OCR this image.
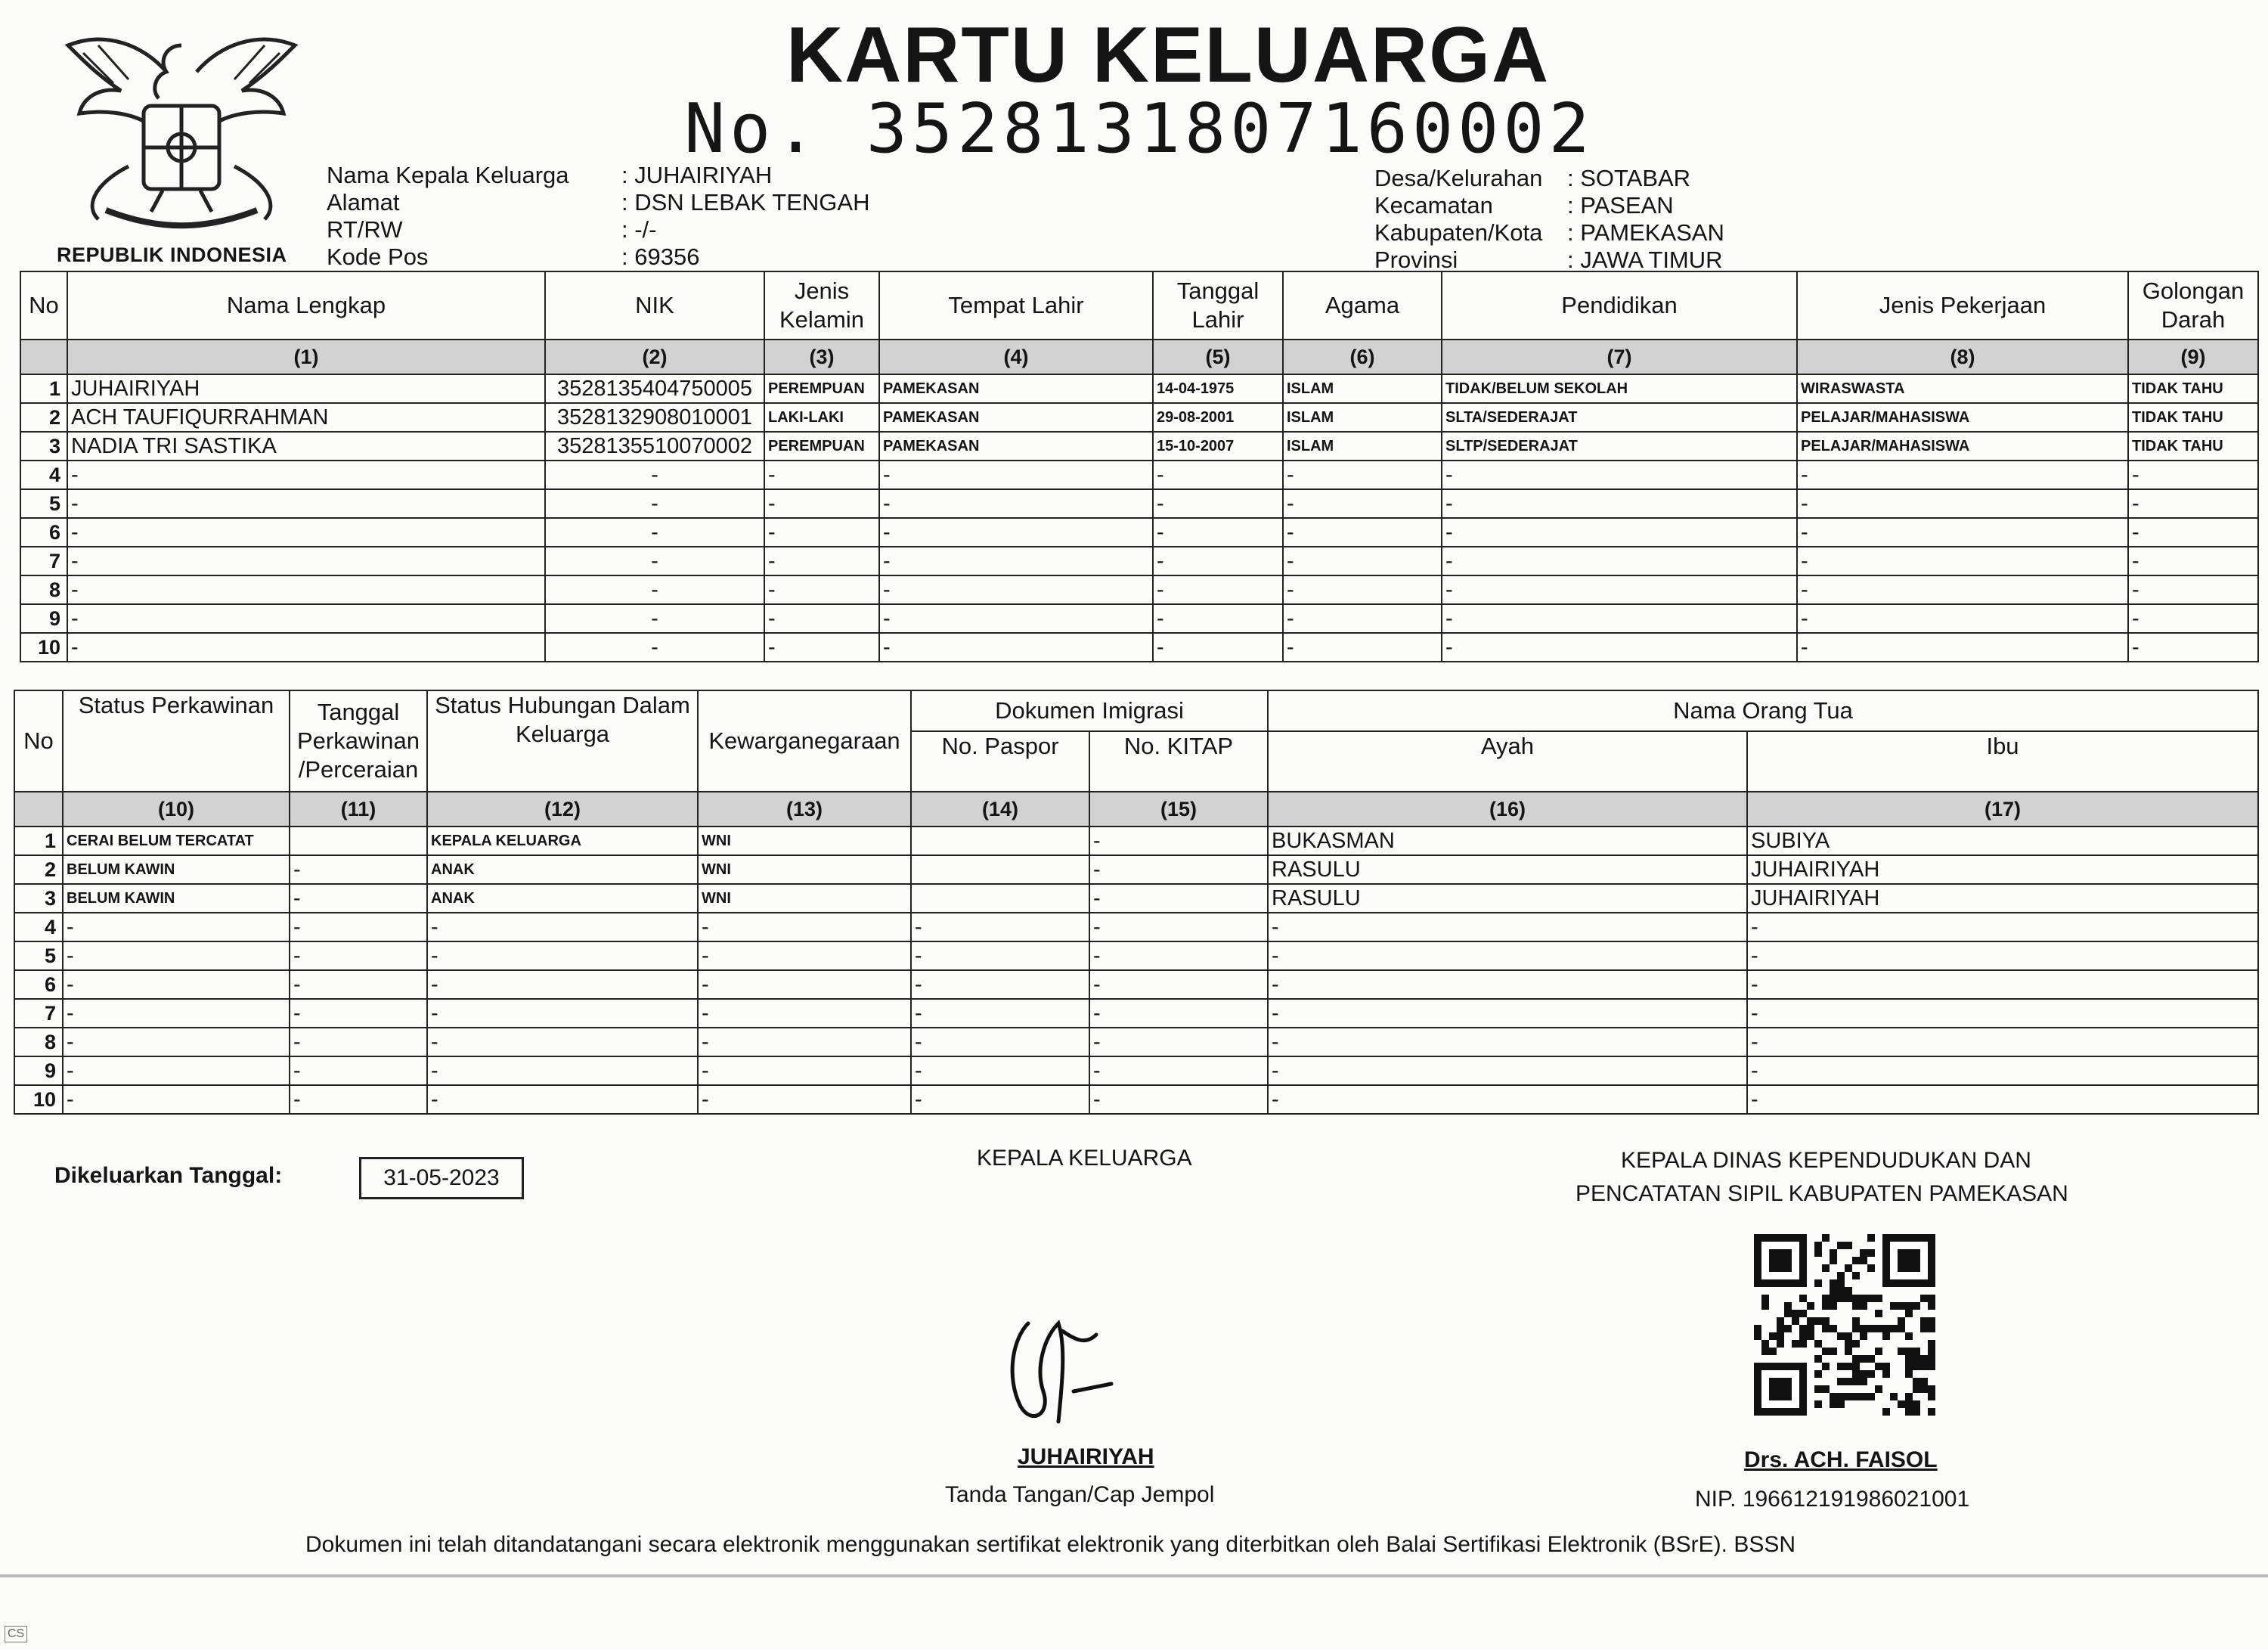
REPUBLIK INDONESIA
KARTU KELUARGA
No. 3528131807160002
Nama Kepala Keluarga	: JUHAIRIYAH
Alamat	: DSN LEBAK TENGAH
RT/RW	: -/-
Kode Pos	: 69356
Desa/Kelurahan	: SOTABAR
Kecamatan	: PASEAN
Kabupaten/Kota	: PAMEKASAN
Provinsi	: JAWA TIMUR
No	Nama Lengkap	NIK	Jenis Kelamin	Tempat Lahir	Tanggal Lahir	Agama	Pendidikan	Jenis Pekerjaan	Golongan Darah
	(1)	(2)	(3)	(4)	(5)	(6)	(7)	(8)	(9)
1	JUHAIRIYAH	3528135404750005	PEREMPUAN	PAMEKASAN	14-04-1975	ISLAM	TIDAK/BELUM SEKOLAH	WIRASWASTA	TIDAK TAHU
2	ACH TAUFIQURRAHMAN	3528132908010001	LAKI-LAKI	PAMEKASAN	29-08-2001	ISLAM	SLTA/SEDERAJAT	PELAJAR/MAHASISWA	TIDAK TAHU
3	NADIA TRI SASTIKA	3528135510070002	PEREMPUAN	PAMEKASAN	15-10-2007	ISLAM	SLTP/SEDERAJAT	PELAJAR/MAHASISWA	TIDAK TAHU
4	-	-	-	-	-	-	-	-	-
5	-	-	-	-	-	-	-	-	-
6	-	-	-	-	-	-	-	-	-
7	-	-	-	-	-	-	-	-	-
8	-	-	-	-	-	-	-	-	-
9	-	-	-	-	-	-	-	-	-
10	-	-	-	-	-	-	-	-	-
No	Status Perkawinan	Tanggal Perkawinan /Perceraian	Status Hubungan Dalam Keluarga	Kewarganegaraan	Dokumen Imigrasi		Nama Orang Tua	
					No. Paspor	No. KITAP	Ayah	Ibu
	(10)	(11)	(12)	(13)	(14)	(15)	(16)	(17)
1	CERAI BELUM TERCATAT		KEPALA KELUARGA	WNI		-	BUKASMAN	SUBIYA
2	BELUM KAWIN	-	ANAK	WNI		-	RASULU	JUHAIRIYAH
3	BELUM KAWIN	-	ANAK	WNI		-	RASULU	JUHAIRIYAH
4	-	-	-	-	-	-	-	-
5	-	-	-	-	-	-	-	-
6	-	-	-	-	-	-	-	-
7	-	-	-	-	-	-	-	-
8	-	-	-	-	-	-	-	-
9	-	-	-	-	-	-	-	-
10	-	-	-	-	-	-	-	-
Dikeluarkan Tanggal:	31-05-2023
KEPALA KELUARGA
JUHAIRIYAH
Tanda Tangan/Cap Jempol
KEPALA DINAS KEPENDUDUKAN DAN
PENCATATAN SIPIL KABUPATEN PAMEKASAN
Drs. ACH. FAISOL
NIP. 196612191986021001
Dokumen ini telah ditandatangani secara elektronik menggunakan sertifikat elektronik yang diterbitkan oleh Balai Sertifikasi Elektronik (BSrE). BSSN
CS
